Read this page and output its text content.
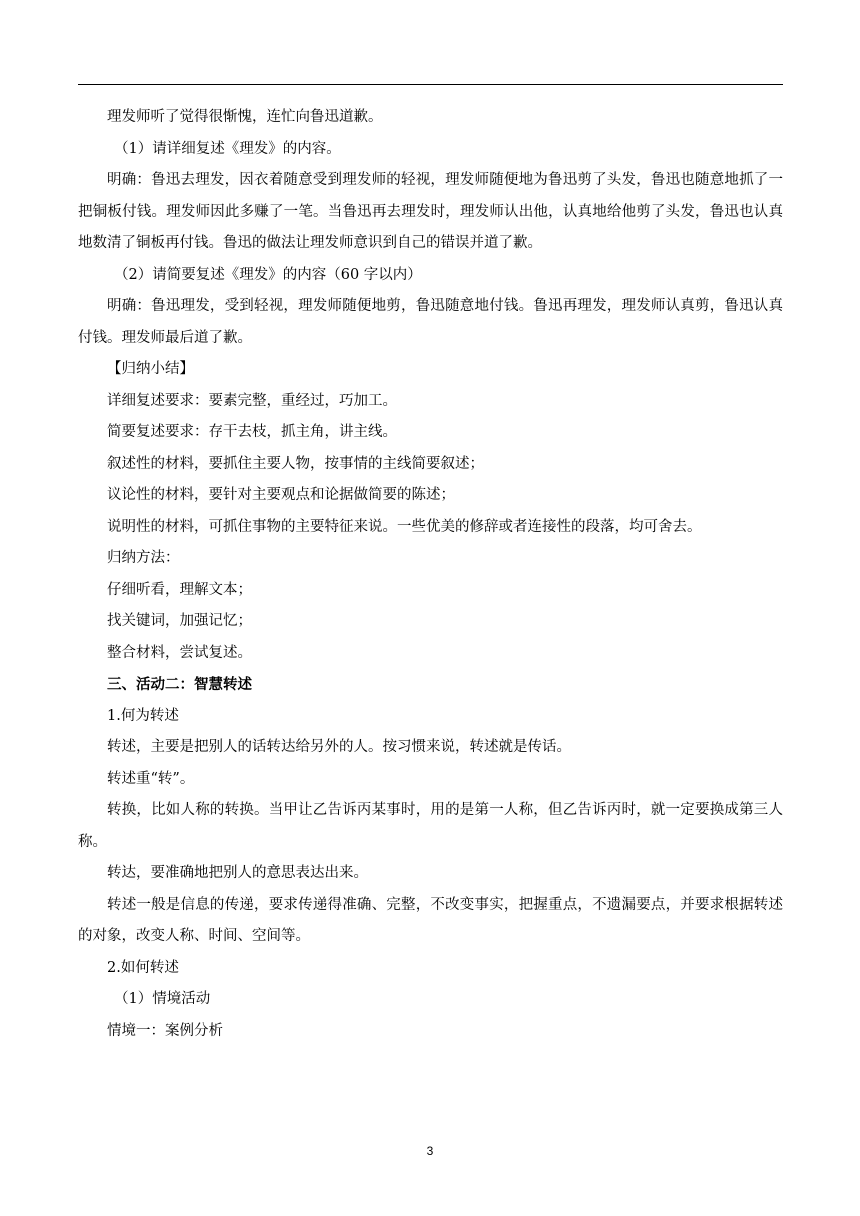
理发师听了觉得很惭愧，连忙向鲁迅道歉。

（1）请详细复述《理发》的内容。

明确：鲁迅去理发，因衣着随意受到理发师的轻视，理发师随便地为鲁迅剪了头发，鲁迅也随意地抓了一把铜板付钱。理发师因此多赚了一笔。当鲁迅再去理发时，理发师认出他，认真地给他剪了头发，鲁迅也认真地数清了铜板再付钱。鲁迅的做法让理发师意识到自己的错误并道了歉。

（2）请简要复述《理发》的内容（60 字以内）

明确：鲁迅理发，受到轻视，理发师随便地剪，鲁迅随意地付钱。鲁迅再理发，理发师认真剪，鲁迅认真付钱。理发师最后道了歉。

【归纳小结】

详细复述要求：要素完整，重经过，巧加工。

简要复述要求：存干去枝，抓主角，讲主线。

叙述性的材料，要抓住主要人物，按事情的主线简要叙述；

议论性的材料，要针对主要观点和论据做简要的陈述；

说明性的材料，可抓住事物的主要特征来说。一些优美的修辞或者连接性的段落，均可舍去。

归纳方法：

仔细听看，理解文本；

找关键词，加强记忆；

整合材料，尝试复述。

三、活动二：智慧转述

1.何为转述

转述，主要是把别人的话转达给另外的人。按习惯来说，转述就是传话。

转述重“转”。

转换，比如人称的转换。当甲让乙告诉丙某事时，用的是第一人称，但乙告诉丙时，就一定要换成第三人称。

转达，要准确地把别人的意思表达出来。

转述一般是信息的传递，要求传递得准确、完整，不改变事实，把握重点，不遗漏要点，并要求根据转述的对象，改变人称、时间、空间等。

2.如何转述

（1）情境活动

情境一：案例分析

3
